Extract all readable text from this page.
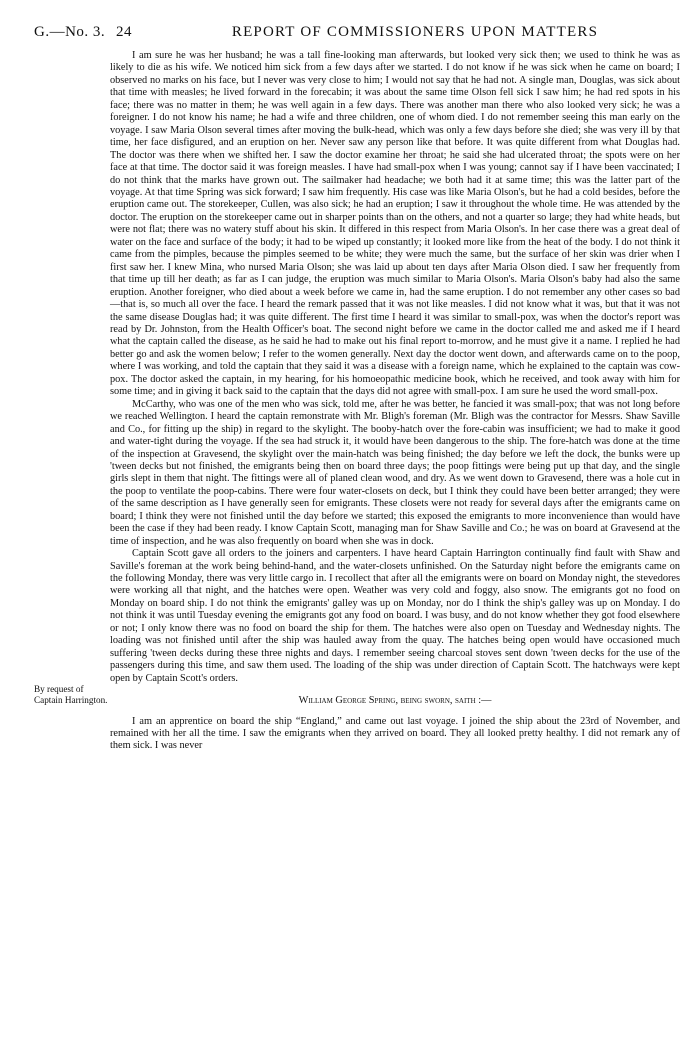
G.—No. 3. 24	REPORT OF COMMISSIONERS UPON MATTERS
By request of Captain Harrington.

I am sure he was her husband; he was a tall fine-looking man afterwards, but looked very sick then; we used to think he was as likely to die as his wife. We noticed him sick from a few days after we started. I do not know if he was sick when he came on board; I observed no marks on his face, but I never was very close to him; I would not say that he had not. A single man, Douglas, was sick about that time with measles; he lived forward in the forecabin; it was about the same time Olson fell sick I saw him; he had red spots in his face; there was no matter in them; he was well again in a few days. There was another man there who also looked very sick; he was a foreigner. I do not know his name; he had a wife and three children, one of whom died. I do not remember seeing this man early on the voyage. I saw Maria Olson several times after moving the bulk-head, which was only a few days before she died; she was very ill by that time, her face disfigured, and an eruption on her. Never saw any person like that before. It was quite different from what Douglas had. The doctor was there when we shifted her. I saw the doctor examine her throat; he said she had ulcerated throat; the spots were on her face at that time. The doctor said it was foreign measles. I have had small-pox when I was young; cannot say if I have been vaccinated; I do not think that the marks have grown out. The sailmaker had headache; we both had it at same time; this was the latter part of the voyage. At that time Spring was sick forward; I saw him frequently. His case was like Maria Olson's, but he had a cold besides, before the eruption came out. The storekeeper, Cullen, was also sick; he had an eruption; I saw it throughout the whole time. He was attended by the doctor. The eruption on the storekeeper came out in sharper points than on the others, and not a quarter so large; they had white heads, but were not flat; there was no watery stuff about his skin. It differed in this respect from Maria Olson's. In her case there was a great deal of water on the face and surface of the body; it had to be wiped up constantly; it looked more like from the heat of the body. I do not think it came from the pimples, because the pimples seemed to be white; they were much the same, but the surface of her skin was drier when I first saw her. I knew Mina, who nursed Maria Olson; she was laid up about ten days after Maria Olson died. I saw her frequently from that time up till her death; as far as I can judge, the eruption was much similar to Maria Olson's. Maria Olson's baby had also the same eruption. Another foreigner, who died about a week before we came in, had the same eruption. I do not remember any other cases so bad—that is, so much all over the face. I heard the remark passed that it was not like measles. I did not know what it was, but that it was not the same disease Douglas had; it was quite different. The first time I heard it was similar to small-pox, was when the doctor's report was read by Dr. Johnston, from the Health Officer's boat. The second night before we came in the doctor called me and asked me if I heard what the captain called the disease, as he said he had to make out his final report to-morrow, and he must give it a name. I replied he had better go and ask the women below; I refer to the women generally. Next day the doctor went down, and afterwards came on to the poop, where I was working, and told the captain that they said it was a disease with a foreign name, which he explained to the captain was cow-pox. The doctor asked the captain, in my hearing, for his homoeopathic medicine book, which he received, and took away with him for some time; and in giving it back said to the captain that the days did not agree with small-pox. I am sure he used the word small-pox.

McCarthy, who was one of the men who was sick, told me, after he was better, he fancied it was small-pox; that was not long before we reached Wellington. I heard the captain remonstrate with Mr. Bligh's foreman (Mr. Bligh was the contractor for Messrs. Shaw Saville and Co., for fitting up the ship) in regard to the skylight. The booby-hatch over the fore-cabin was insufficient; we had to make it good and water-tight during the voyage. If the sea had struck it, it would have been dangerous to the ship. The fore-hatch was done at the time of the inspection at Gravesend, the skylight over the main-hatch was being finished; the day before we left the dock, the bunks were up 'tween decks but not finished, the emigrants being then on board three days; the poop fittings were being put up that day, and the single girls slept in them that night. The fittings were all of planed clean wood, and dry. As we went down to Gravesend, there was a hole cut in the poop to ventilate the poop-cabins. There were four water-closets on deck, but I think they could have been better arranged; they were of the same description as I have generally seen for emigrants. These closets were not ready for several days after the emigrants came on board; I think they were not finished until the day before we started; this exposed the emigrants to more inconvenience than would have been the case if they had been ready. I know Captain Scott, managing man for Shaw Saville and Co.; he was on board at Gravesend at the time of inspection, and he was also frequently on board when she was in dock.

Captain Scott gave all orders to the joiners and carpenters. I have heard Captain Harrington continually find fault with Shaw and Saville's foreman at the work being behind-hand, and the water-closets unfinished. On the Saturday night before the emigrants came on the following Monday, there was very little cargo in. I recollect that after all the emigrants were on board on Monday night, the stevedores were working all that night, and the hatches were open. Weather was very cold and foggy, also snow. The emigrants got no food on Monday on board ship. I do not think the emigrants' galley was up on Monday, nor do I think the ship's galley was up on Monday. I do not think it was until Tuesday evening the emigrants got any food on board. I was busy, and do not know whether they got food elsewhere or not; I only know there was no food on board the ship for them. The hatches were also open on Tuesday and Wednesday nights. The loading was not finished until after the ship was hauled away from the quay. The hatches being open would have occasioned much suffering 'tween decks during these three nights and days. I remember seeing charcoal stoves sent down 'tween decks for the use of the passengers during this time, and saw them used. The loading of the ship was under direction of Captain Scott. The hatchways were kept open by Captain Scott's orders.

William George Spring, being sworn, saith :—

I am an apprentice on board the ship “England,” and came out last voyage. I joined the ship about the 23rd of November, and remained with her all the time. I saw the emigrants when they arrived on board. They all looked pretty healthy. I did not remark any of them sick. I was never
